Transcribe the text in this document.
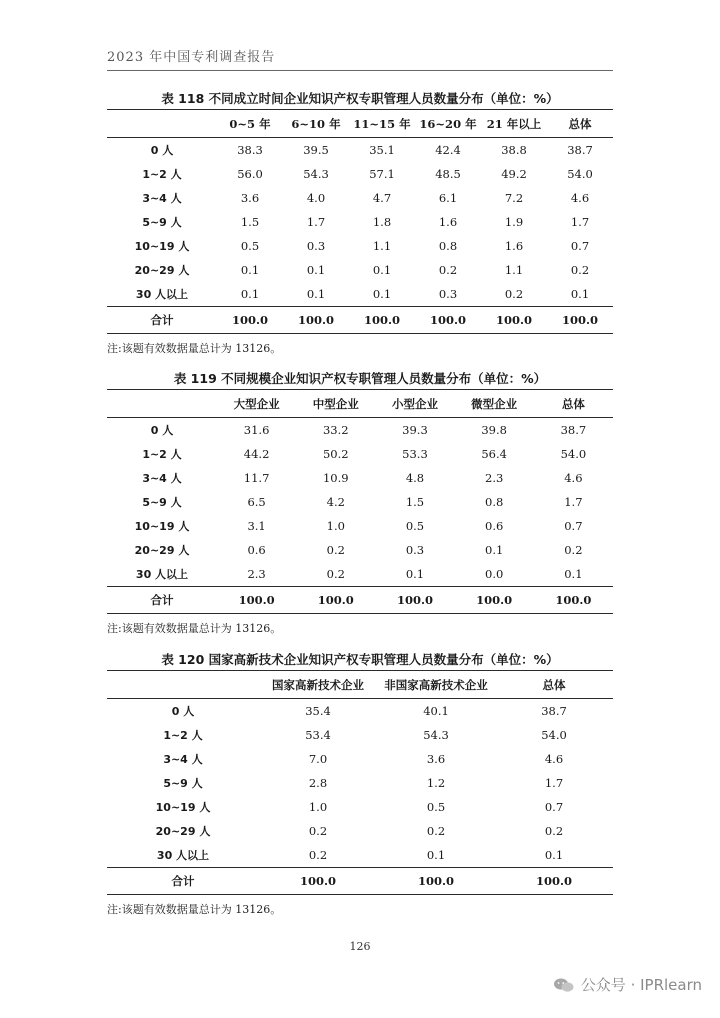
2023 年中国专利调查报告
表 118 不同成立时间企业知识产权专职管理人员数量分布（单位：%）
	0~5 年	6~10 年	11~15 年	16~20 年	21 年以上	总体
0 人	38.3	39.5	35.1	42.4	38.8	38.7
1~2 人	56.0	54.3	57.1	48.5	49.2	54.0
3~4 人	3.6	4.0	4.7	6.1	7.2	4.6
5~9 人	1.5	1.7	1.8	1.6	1.9	1.7
10~19 人	0.5	0.3	1.1	0.8	1.6	0.7
20~29 人	0.1	0.1	0.1	0.2	1.1	0.2
30 人以上	0.1	0.1	0.1	0.3	0.2	0.1
合计	100.0	100.0	100.0	100.0	100.0	100.0
注:该题有效数据量总计为 13126。
表 119 不同规模企业知识产权专职管理人员数量分布（单位：%）
	大型企业	中型企业	小型企业	微型企业	总体
0 人	31.6	33.2	39.3	39.8	38.7
1~2 人	44.2	50.2	53.3	56.4	54.0
3~4 人	11.7	10.9	4.8	2.3	4.6
5~9 人	6.5	4.2	1.5	0.8	1.7
10~19 人	3.1	1.0	0.5	0.6	0.7
20~29 人	0.6	0.2	0.3	0.1	0.2
30 人以上	2.3	0.2	0.1	0.0	0.1
合计	100.0	100.0	100.0	100.0	100.0
注:该题有效数据量总计为 13126。
表 120 国家高新技术企业知识产权专职管理人员数量分布（单位：%）
	国家高新技术企业	非国家高新技术企业	总体
0 人	35.4	40.1	38.7
1~2 人	53.4	54.3	54.0
3~4 人	7.0	3.6	4.6
5~9 人	2.8	1.2	1.7
10~19 人	1.0	0.5	0.7
20~29 人	0.2	0.2	0.2
30 人以上	0.2	0.1	0.1
合计	100.0	100.0	100.0
注:该题有效数据量总计为 13126。
126
公众号 · IPRlearn
